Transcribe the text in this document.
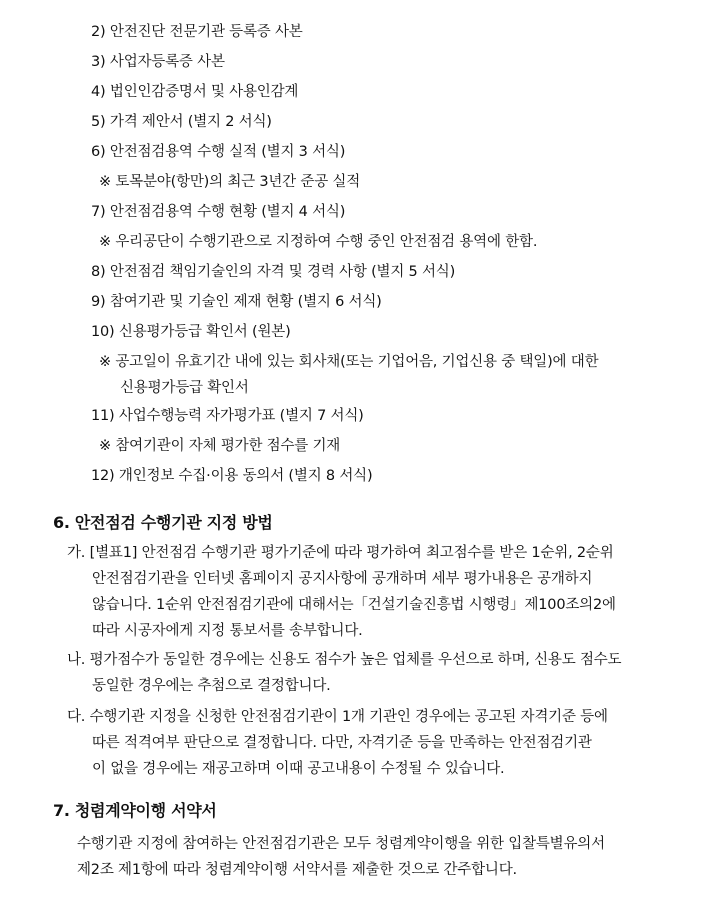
2) 안전진단 전문기관 등록증 사본
3) 사업자등록증 사본
4) 법인인감증명서 및 사용인감계
5) 가격 제안서 (별지 2 서식)
6) 안전점검용역 수행 실적 (별지 3 서식)
※ 토목분야(항만)의 최근 3년간 준공 실적
7) 안전점검용역 수행 현황 (별지 4 서식)
※ 우리공단이 수행기관으로 지정하여 수행 중인 안전점검 용역에 한함.
8) 안전점검 책임기술인의 자격 및 경력 사항 (별지 5 서식)
9) 참여기관 및 기술인 제재 현황 (별지 6 서식)
10) 신용평가등급 확인서 (원본)
※ 공고일이 유효기간 내에 있는 회사채(또는 기업어음, 기업신용 중 택일)에 대한
신용평가등급 확인서
11) 사업수행능력 자가평가표 (별지 7 서식)
※ 참여기관이 자체 평가한 점수를 기재
12) 개인정보 수집·이용 동의서 (별지 8 서식)
6. 안전점검 수행기관 지정 방법
가. [별표1] 안전점검 수행기관 평가기준에 따라 평가하여 최고점수를 받은 1순위, 2순위
안전점검기관을 인터넷 홈페이지 공지사항에 공개하며 세부 평가내용은 공개하지
않습니다. 1순위 안전점검기관에 대해서는「건설기술진흥법 시행령」제100조의2에
따라 시공자에게 지정 통보서를 송부합니다.
나. 평가점수가 동일한 경우에는 신용도 점수가 높은 업체를 우선으로 하며, 신용도 점수도
동일한 경우에는 추첨으로 결정합니다.
다. 수행기관 지정을 신청한 안전점검기관이 1개 기관인 경우에는 공고된 자격기준 등에
따른 적격여부 판단으로 결정합니다. 다만, 자격기준 등을 만족하는 안전점검기관
이 없을 경우에는 재공고하며 이때 공고내용이 수정될 수 있습니다.
7. 청렴계약이행 서약서
수행기관 지정에 참여하는 안전점검기관은 모두 청렴계약이행을 위한 입찰특별유의서
제2조 제1항에 따라 청렴계약이행 서약서를 제출한 것으로 간주합니다.
